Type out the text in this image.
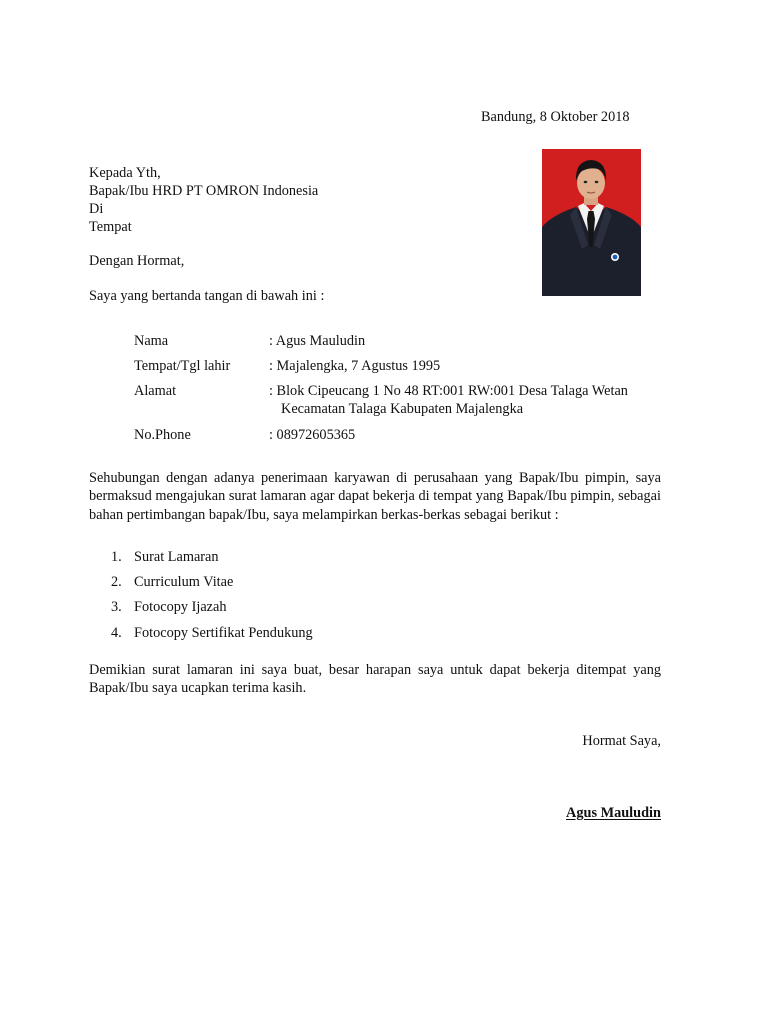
Bandung, 8 Oktober 2018
Kepada Yth,
Bapak/Ibu HRD PT OMRON Indonesia
Di
Tempat
Dengan Hormat,
Saya yang bertanda tangan di bawah ini :
Nama	: Agus Mauludin
Tempat/Tgl lahir	: Majalengka, 7 Agustus 1995
Alamat	: Blok Cipeucang 1 No 48 RT:001 RW:001 Desa Talaga Wetan
Kecamatan Talaga Kabupaten Majalengka
No.Phone	: 08972605365
Sehubungan dengan adanya penerimaan karyawan di perusahaan yang Bapak/Ibu pimpin, saya bermaksud mengajukan surat lamaran agar dapat bekerja di tempat yang Bapak/Ibu pimpin, sebagai bahan pertimbangan bapak/Ibu, saya melampirkan berkas-berkas sebagai berikut :
1. Surat Lamaran
2. Curriculum Vitae
3. Fotocopy Ijazah
4. Fotocopy Sertifikat Pendukung
Demikian surat lamaran ini saya buat, besar harapan saya untuk dapat bekerja ditempat yang Bapak/Ibu saya ucapkan terima kasih.
Hormat Saya,
Agus Mauludin
